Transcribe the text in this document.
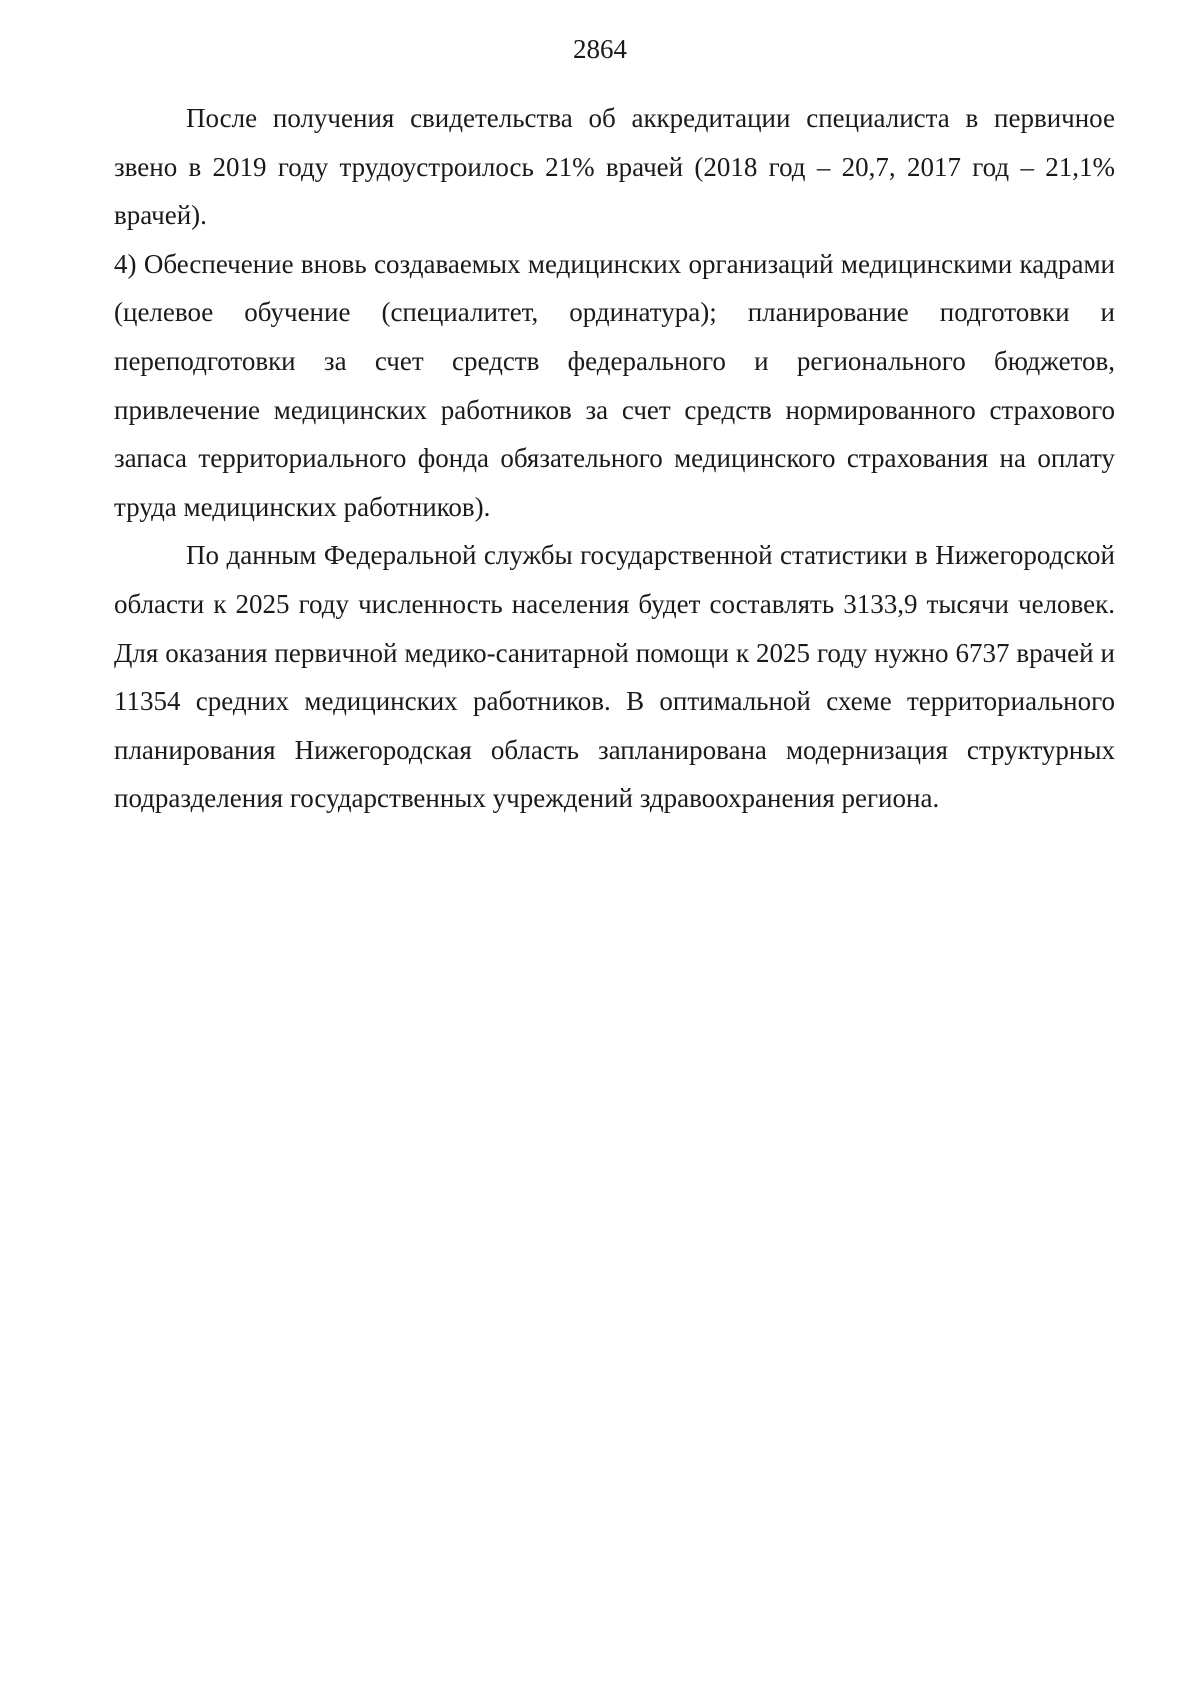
2864

После получения свидетельства об аккредитации специалиста в первичное звено в 2019 году трудоустроилось 21% врачей (2018 год – 20,7, 2017 год – 21,1% врачей).

4) Обеспечение вновь создаваемых медицинских организаций медицинскими кадрами (целевое обучение (специалитет, ординатура); планирование подготовки и переподготовки за счет средств федерального и регионального бюджетов, привлечение медицинских работников за счет средств нормированного страхового запаса территориального фонда обязательного медицинского страхования на оплату труда медицинских работников).

По данным Федеральной службы государственной статистики в Нижегородской области к 2025 году численность населения будет составлять 3133,9 тысячи человек. Для оказания первичной медико-санитарной помощи к 2025 году нужно 6737 врачей и 11354 средних медицинских работников. В оптимальной схеме территориального планирования Нижегородская область запланирована модернизация структурных подразделения государственных учреждений здравоохранения региона.
